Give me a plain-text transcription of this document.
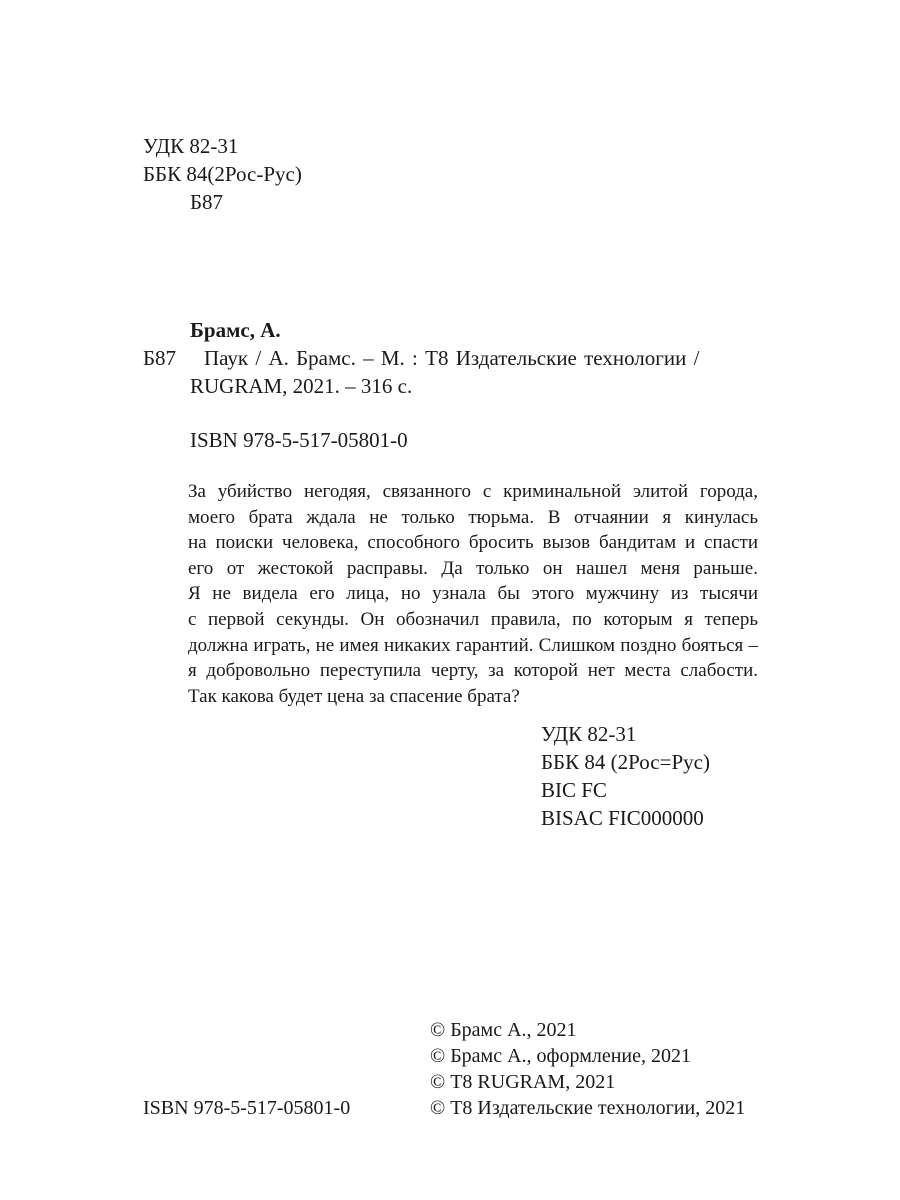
УДК 82-31
ББК 84(2Рос-Рус)
Б87
Брамс, А.
Б87 Паук / А. Брамс. – М. : Т8 Издательские технологии /
RUGRAM, 2021. – 316 с.
ISBN 978-5-517-05801-0
За убийство негодяя, связанного с криминальной элитой города,
моего брата ждала не только тюрьма. В отчаянии я кинулась
на поиски человека, способного бросить вызов бандитам и спасти
его от жестокой расправы. Да только он нашел меня раньше.
Я не видела его лица, но узнала бы этого мужчину из тысячи
с первой секунды. Он обозначил правила, по которым я теперь
должна играть, не имея никаких гарантий. Слишком поздно бояться –
я добровольно переступила черту, за которой нет места слабости.
Так какова будет цена за спасение брата?
УДК 82-31
ББК 84 (2Рос=Рус)
BIC FC
BISAC FIC000000
© Брамс А., 2021
© Брамс А., оформление, 2021
© Т8 RUGRAM, 2021
© Т8 Издательские технологии, 2021
ISBN 978-5-517-05801-0
